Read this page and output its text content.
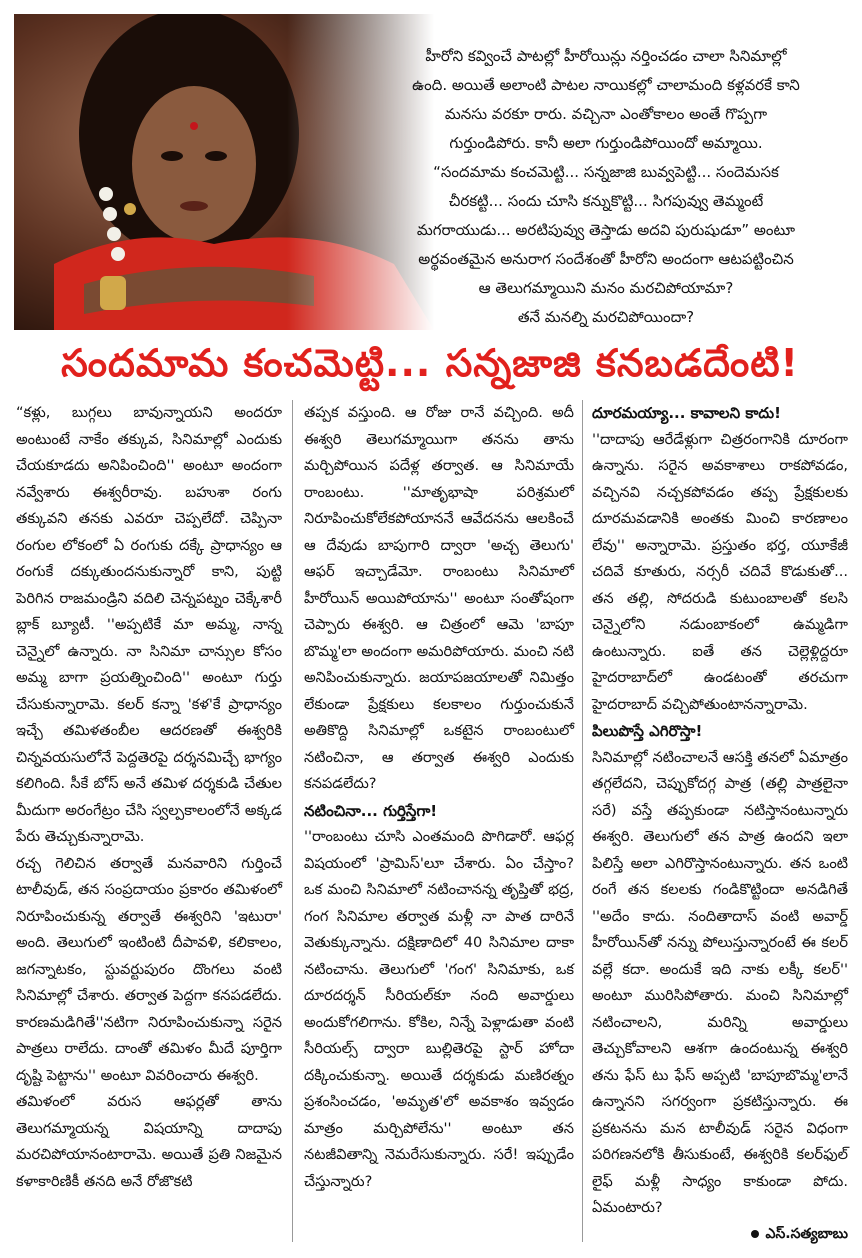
హీరోని కవ్వించే పాటల్లో హీరోయిన్లు నర్తించడం చాలా సినిమాల్లో

ఉంది. అయితే అలాంటి పాటల నాయికల్లో చాలామంది కళ్లవరకే కాని

మనసు వరకూ రారు. వచ్చినా ఎంతోకాలం అంతే గొప్పగా

గుర్తుండిపోరు. కానీ అలా గుర్తుండిపోయిందో అమ్మాయి.

“సందమామ కంచమెట్టి... సన్నజాజి బువ్వపెట్టి... సందెమసక

చీరకట్టి... సందు చూసి కన్నుకొట్టి... సిగపువ్వు తెమ్మంటే

మగరాయుడు... అరటిపువ్వు తెస్తాడు అదవి పురుషుడూ” అంటూ

అర్థవంతమైన అనురాగ సందేశంతో హీరోని అందంగా ఆటపట్టించిన

ఆ తెలుగమ్మాయిని మనం మరచిపోయామా?

తనే మనల్ని మరచిపోయిందా?

సందమామ కంచమెట్టి... సన్నజాజి కనబడదేంటి!

“కళ్లు, బుగ్గలు బావున్నాయని అందరూ అంటుంటే నాకేం తక్కువ, సినిమాల్లో ఎందుకు చేయకూడదు అనిపించింది'' అంటూ అందంగా నవ్వేశారు ఈశ్వరీరావు. బహుశా రంగు తక్కువని తనకు ఎవరూ చెప్పలేదో. చెప్పినా రంగుల లోకంలో ఏ రంగుకు దక్కే ప్రాధాన్యం ఆ రంగుకే దక్కుతుందనుకున్నారో కాని, పుట్టి పెరిగిన రాజమండ్రిని వదిలి చెన్నపట్నం చెక్కేశారీ బ్లాక్ బ్యూటీ. ''అప్పటికే మా అమ్మ, నాన్న చెన్నైలో ఉన్నారు. నా సినిమా చాన్సుల కోసం అమ్మ బాగా ప్రయత్నించింది'' అంటూ గుర్తు చేసుకున్నారామె. కలర్ కన్నా 'కళ'కే ప్రాధాన్యం ఇచ్చే తమిళతంబీల ఆదరణతో ఈశ్వరికి చిన్నవయసులోనే పెద్దతెరపై దర్శనమిచ్చే భాగ్యం కలిగింది. సీకే బోస్ అనే తమిళ దర్శకుడి చేతుల మీదుగా అరంగేట్రం చేసి స్వల్పకాలంలోనే అక్కడ పేరు తెచ్చుకున్నారామె.

రచ్చ గెలిచిన తర్వాతే మనవారిని గుర్తించే టాలీవుడ్, తన సంప్రదాయం ప్రకారం తమిళంలో నిరూపించుకున్న తర్వాతే ఈశ్వరిని 'ఇటురా' అంది. తెలుగులో ఇంటింటి దీపావళి, కలికాలం, జగన్నాటకం, స్టువర్టుపురం దొంగలు వంటి సినిమాల్లో చేశారు. తర్వాత పెద్దగా కనపడలేదు. కారణమడిగితే''నటిగా నిరూపించుకున్నా సరైన పాత్రలు రాలేదు. దాంతో తమిళం మీదే పూర్తిగా దృష్టి పెట్టాను'' అంటూ వివరించారు ఈశ్వరి.

తమిళంలో వరుస ఆఫర్లతో తాను తెలుగమ్మాయన్న విషయాన్ని దాదాపు మరచిపోయానంటారామె. అయితే ప్రతి నిజమైన కళాకారిణికీ తనది అనే రోజొకటి

తప్పక వస్తుంది. ఆ రోజు రానే వచ్చింది. అదీ ఈశ్వరి తెలుగమ్మాయిగా తనను తాను మర్చిపోయిన పదేళ్ల తర్వాత. ఆ సినిమాయే రాంబంటు. ''మాతృభాషా పరిశ్రమలో నిరూపించుకోలేకపోయాననే ఆవేదనను ఆలకించే ఆ దేవుడు బాపుగారి ద్వారా 'అచ్చ తెలుగు' ఆఫర్ ఇచ్చాడేమో. రాంబంటు సినిమాలో హీరోయిన్ అయిపోయాను'' అంటూ సంతోషంగా చెప్పారు ఈశ్వరి. ఆ చిత్రంలో ఆమె 'బాపూ బొమ్మ'లా అందంగా అమరిపోయారు. మంచి నటి అనిపించుకున్నారు. జయాపజయాలతో నిమిత్తం లేకుండా ప్రేక్షకులు కలకాలం గుర్తుంచుకునే అతికొద్ది సినిమాల్లో ఒకటైన రాంబంటులో నటించినా, ఆ తర్వాత ఈశ్వరి ఎందుకు కనపడలేదు?

నటించినా... గుర్తిస్తేగా!

''రాంబంటు చూసి ఎంతమంది పొగిడారో. ఆఫర్ల విషయంలో 'ప్రామిస్'లూ చేశారు. ఏం చేస్తాం? ఒక మంచి సినిమాలో నటించానన్న తృప్తితో భద్ర, గంగ సినిమాల తర్వాత మళ్లీ నా పాత దారినే వెతుక్కున్నాను. దక్షిణాదిలో 40 సినిమాల దాకా నటించాను. తెలుగులో 'గంగ' సినిమాకు, ఒక దూరదర్శన్ సీరియల్‌కూ నంది అవార్డులు అందుకోగలిగాను. కోకిల, నిన్నే పెళ్లాడుతా వంటి సీరియల్స్ ద్వారా బుల్లితెరపై స్టార్ హోదా దక్కించుకున్నా. అయితే దర్శకుడు మణిరత్నం ప్రశంసించడం, 'అమృత'లో అవకాశం ఇవ్వడం మాత్రం మర్చిపోలేను'' అంటూ తన నటజీవితాన్ని నెమరేసుకున్నారు. సరే! ఇప్పుడేం చేస్తున్నారు?

దూరమయ్యా... కావాలని కాదు!

''దాదాపు ఆరేడేళ్లుగా చిత్రరంగానికి దూరంగా ఉన్నాను. సరైన అవకాశాలు రాకపోవడం, వచ్చినవి నచ్చకపోవడం తప్ప ప్రేక్షకులకు దూరమవడానికి అంతకు మించి కారణాలం లేవు'' అన్నారామె. ప్రస్తుతం భర్త, యూకేజీ చదివే కూతురు, నర్సరీ చదివే కొడుకుతో... తన తల్లి, సోదరుడి కుటుంబాలతో కలసి చెన్నైలోని నడుంబాకంలో ఉమ్మడిగా ఉంటున్నారు. ఐతే తన చెల్లెళ్లిద్దరూ హైదరాబాద్‌లో ఉండటంతో తరచుగా హైదరాబాద్ వచ్చిపోతుంటానన్నారామె.

పిలుపొస్తే ఎగిరొస్తా!

సినిమాల్లో నటించాలనే ఆసక్తి తనలో ఏమాత్రం తగ్గలేదని, చెప్పుకోదగ్గ పాత్ర (తల్లి పాత్రలైనా సరే) వస్తే తప్పకుండా నటిస్తానంటున్నారు ఈశ్వరి. తెలుగులో తన పాత్ర ఉందని ఇలా పిలిస్తే అలా ఎగిరొస్తానంటున్నారు. తన ఒంటి రంగే తన కలలకు గండికొట్టిందా అనడిగితే ''అదేం కాదు. నందితాదాస్ వంటి అవార్డ్ హీరోయిన్‌తో నన్ను పోలుస్తున్నారంటే ఈ కలర్ వల్లే కదా. అందుకే ఇది నాకు లక్కీ కలర్'' అంటూ మురిసిపోతారు. మంచి సినిమాల్లో నటించాలని, మరిన్ని అవార్డులు తెచ్చుకోవాలని ఆశగా ఉందంటున్న ఈశ్వరి తను ఫేస్ టు ఫేస్ అప్పటి 'బాపూబొమ్మ'లానే ఉన్నానని సగర్వంగా ప్రకటిస్తున్నారు. ఈ ప్రకటనను మన టాలీవుడ్ సరైన విధంగా పరిగణనలోకి తీసుకుంటే, ఈశ్వరికి కలర్‌ఫుల్ లైఫ్ మళ్లీ సాధ్యం కాకుండా పోదు. ఏమంటారు?

ఎస్.సత్యబాబు
